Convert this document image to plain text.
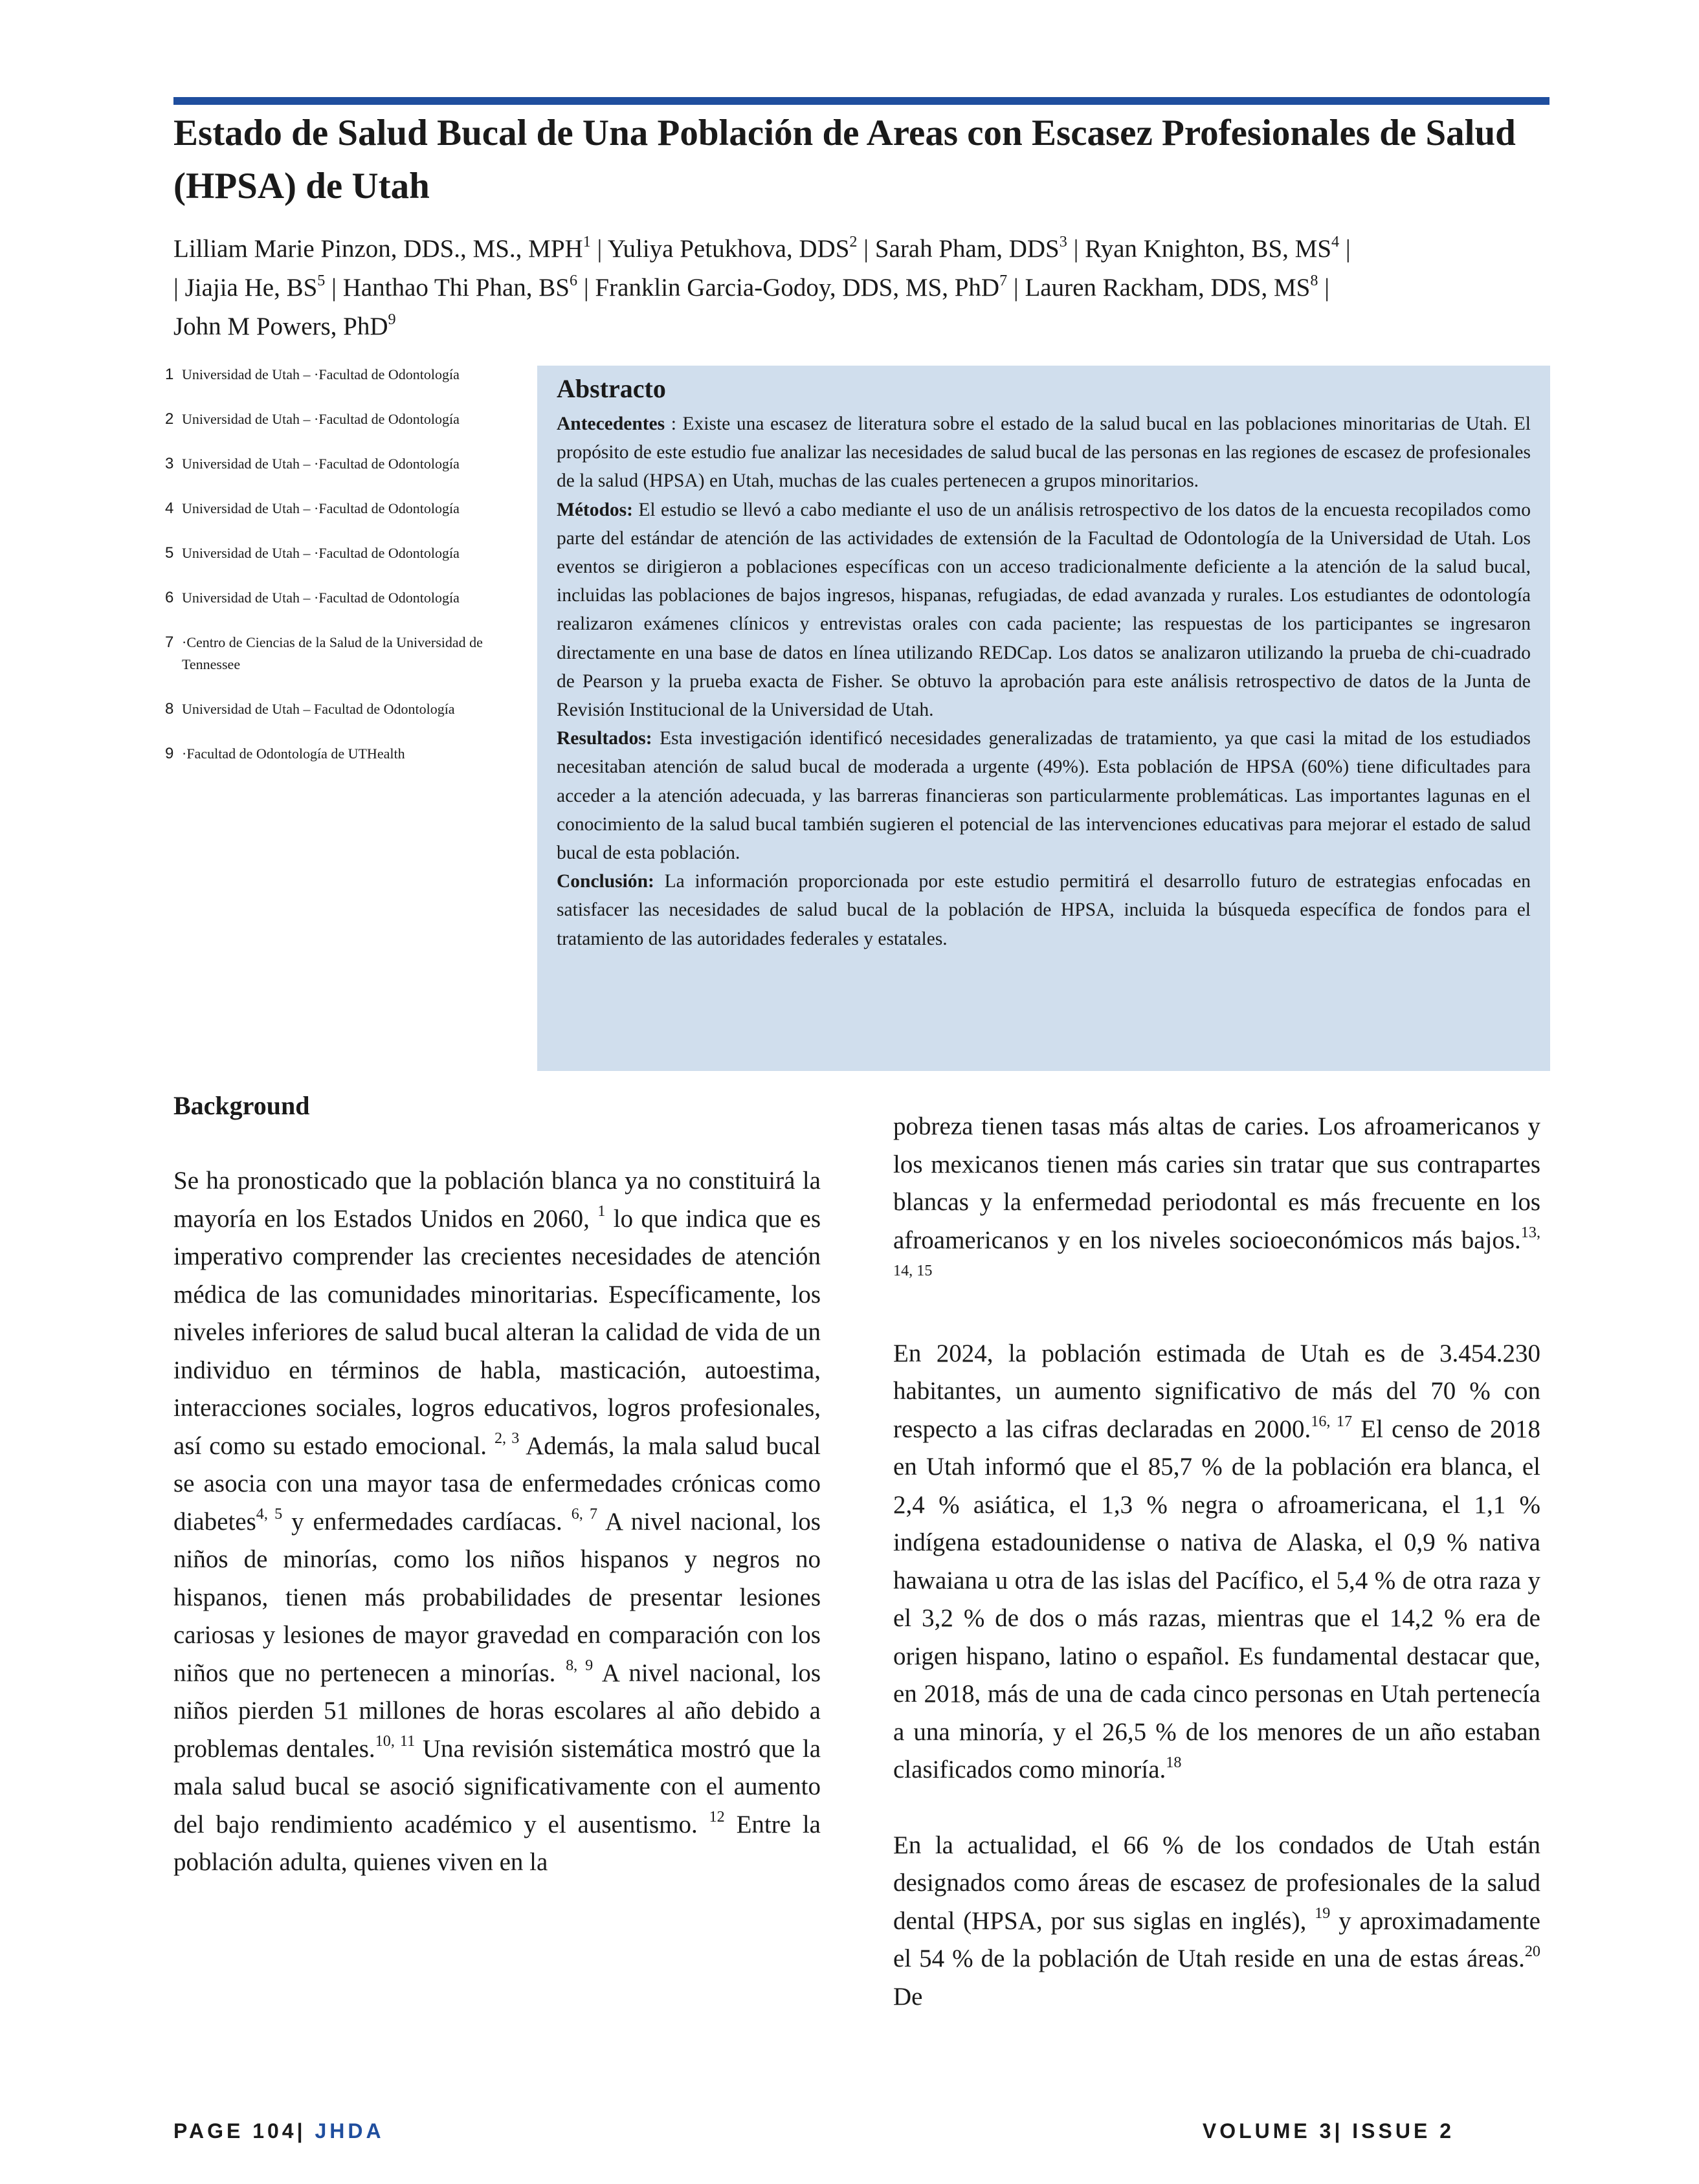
Estado de Salud Bucal de Una Población de Areas con Escasez Profesionales de Salud (HPSA) de Utah
Lilliam Marie Pinzon, DDS., MS., MPH$^1$ | Yuliya Petukhova, DDS$^2$ | Sarah Pham, DDS$^3$ | Ryan Knighton, BS, $MS^4$ |
| Jiajia He, $BS^5$ | Hanthao Thi Phan, $BS^6$ | Franklin Garcia-Godoy, DDS, MS, PhD$^7$ | Lauren Rackham, DDS, $MS^8$ |
John M Powers, PhD$^9$
1 Universidad de Utah – ·Facultad de Odontología
2 Universidad de Utah – ·Facultad de Odontología
3 Universidad de Utah – ·Facultad de Odontología
4 Universidad de Utah – ·Facultad de Odontología
5 Universidad de Utah – ·Facultad de Odontología
6 Universidad de Utah – ·Facultad de Odontología
7 ·Centro de Ciencias de la Salud de la Universidad de Tennessee
8 Universidad de Utah – Facultad de Odontología
9 ·Facultad de Odontología de UTHealth
Abstracto

Antecedentes : Existe una escasez de literatura sobre el estado de la salud bucal en las poblaciones minoritarias de Utah. El propósito de este estudio fue analizar las necesidades de salud bucal de las personas en las regiones de escasez de profesionales de la salud (HPSA) en Utah, muchas de las cuales pertenecen a grupos minoritarios.

Métodos: El estudio se llevó a cabo mediante el uso de un análisis retrospectivo de los datos de la encuesta recopilados como parte del estándar de atención de las actividades de extensión de la Facultad de Odontología de la Universidad de Utah. Los eventos se dirigieron a poblaciones específicas con un acceso tradicionalmente deficiente a la atención de la salud bucal, incluidas las poblaciones de bajos ingresos, hispanas, refugiadas, de edad avanzada y rurales. Los estudiantes de odontología realizaron exámenes clínicos y entrevistas orales con cada paciente; las respuestas de los participantes se ingresaron directamente en una base de datos en línea utilizando REDCap. Los datos se analizaron utilizando la prueba de chi-cuadrado de Pearson y la prueba exacta de Fisher. Se obtuvo la aprobación para este análisis retrospectivo de datos de la Junta de Revisión Institucional de la Universidad de Utah.

Resultados: Esta investigación identificó necesidades generalizadas de tratamiento, ya que casi la mitad de los estudiados necesitaban atención de salud bucal de moderada a urgente (49%). Esta población de HPSA (60%) tiene dificultades para acceder a la atención adecuada, y las barreras financieras son particularmente problemáticas. Las importantes lagunas en el conocimiento de la salud bucal también sugieren el potencial de las intervenciones educativas para mejorar el estado de salud bucal de esta población.

Conclusión: La información proporcionada por este estudio permitirá el desarrollo futuro de estrategias enfocadas en satisfacer las necesidades de salud bucal de la población de HPSA, incluida la búsqueda específica de fondos para el tratamiento de las autoridades federales y estatales.

Background

Se ha pronosticado que la población blanca ya no constituirá la mayoría en los Estados Unidos en 2060, $^1$ lo que indica que es imperativo comprender las crecientes necesidades de atención médica de las comunidades minoritarias. Específicamente, los niveles inferiores de salud bucal alteran la calidad de vida de un individuo en términos de habla, masticación, autoestima, interacciones sociales, logros educativos, logros profesionales, así como su estado emocional. $^{2, 3}$ Además, la mala salud bucal se asocia con una mayor tasa de enfermedades crónicas como diabetes$^{4, 5}$ y enfermedades cardíacas. $^{6, 7}$ A nivel nacional, los niños de minorías, como los niños hispanos y negros no hispanos, tienen más probabilidades de presentar lesiones cariosas y lesiones de mayor gravedad en comparación con los niños que no pertenecen a minorías. $^{8, 9}$ A nivel nacional, los niños pierden 51 millones de horas escolares al año debido a problemas dentales.$^{10, 11}$ Una revisión sistemática mostró que la mala salud bucal se asoció significativamente con el aumento del bajo rendimiento académico y el ausentismo. $^{12}$ Entre la población adulta, quienes viven en la

pobreza tienen tasas más altas de caries. Los afroamericanos y los mexicanos tienen más caries sin tratar que sus contrapartes blancas y la enfermedad periodontal es más frecuente en los afroamericanos y en los niveles socioeconómicos más bajos.$^{13, 14, 15}$

En 2024, la población estimada de Utah es de 3.454.230 habitantes, un aumento significativo de más del 70 % con respecto a las cifras declaradas en 2000.$^{16, 17}$ El censo de 2018 en Utah informó que el 85,7 % de la población era blanca, el 2,4 % asiática, el 1,3 % negra o afroamericana, el 1,1 % indígena estadounidense o nativa de Alaska, el 0,9 % nativa hawaiana u otra de las islas del Pacífico, el 5,4 % de otra raza y el 3,2 % de dos o más razas, mientras que el 14,2 % era de origen hispano, latino o español. Es fundamental destacar que, en 2018, más de una de cada cinco personas en Utah pertenecía a una minoría, y el 26,5 % de los menores de un año estaban clasificados como minoría.$^{18}$

En la actualidad, el 66 % de los condados de Utah están designados como áreas de escasez de profesionales de la salud dental (HPSA, por sus siglas en inglés), $^{19}$ y aproximadamente el 54 % de la población de Utah reside en una de estas áreas.$^{20}$ De

PAGE 104| JHDA	VOLUME 3| ISSUE 2
